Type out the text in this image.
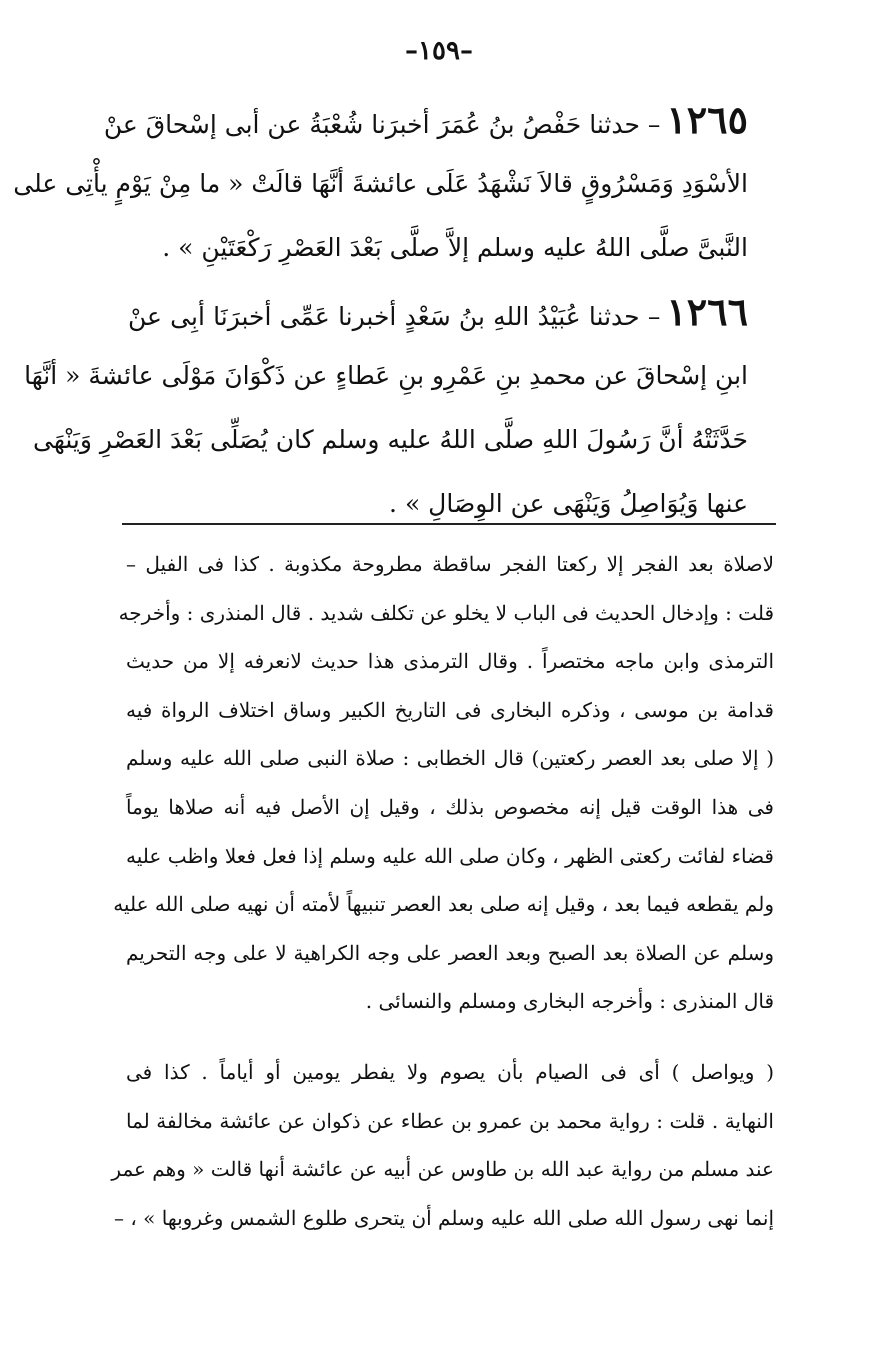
–١٥٩–
١٢٦٥– حدثنا حَفْصُ بنُ عُمَرَ أخبرَنا شُعْبَةُ عن أبى إسْحاقَ عنْ
الأسْوَدِ وَمَسْرُوقٍ قالاَ نَشْهَدُ عَلَى عائشةَ أنَّهَا قالَتْ « ما مِنْ يَوْمٍ يأْتِى على
النَّبىَّ صلَّى اللهُ عليه وسلم إلاَّ صلَّى بَعْدَ العَصْرِ رَكْعَتَيْنِ » .
١٢٦٦– حدثنا عُبَيْدُ اللهِ بنُ سَعْدٍ أخبرنا عَمِّى أخبرَنَا أبِى عنْ
ابنِ إسْحاقَ عن محمدِ بنِ عَمْرِو بنِ عَطاءٍ عن ذَكْوَانَ مَوْلَى عائشةَ « أنَّهَا
حَدَّثَتْهُ أنَّ رَسُولَ اللهِ صلَّى اللهُ عليه وسلم كان يُصَلِّى بَعْدَ العَصْرِ وَيَنْهَى
عنها وَيُوَاصِلُ وَيَنْهَى عن الوِصَالِ » .
لاصلاة بعد الفجر إلا ركعتا الفجر ساقطة مطروحة مكذوبة . كذا فى الفيل –
قلت : وإدخال الحديث فى الباب لا يخلو عن تكلف شديد . قال المنذرى : وأخرجه
الترمذى وابن ماجه مختصراً . وقال الترمذى هذا حديث لانعرفه إلا من حديث
قدامة بن موسى ، وذكره البخارى فى التاريخ الكبير وساق اختلاف الرواة فيه
( إلا صلى بعد العصر ركعتين) قال الخطابى : صلاة النبى صلى الله عليه وسلم
فى هذا الوقت قيل إنه مخصوص بذلك ، وقيل إن الأصل فيه أنه صلاها يوماً
قضاء لفائت ركعتى الظهر ، وكان صلى الله عليه وسلم إذا فعل فعلا واظب عليه
ولم يقطعه فيما بعد ، وقيل إنه صلى بعد العصر تنبيهاً لأمته أن نهيه صلى الله عليه
وسلم عن الصلاة بعد الصبح وبعد العصر على وجه الكراهية لا على وجه التحريم
قال المنذرى : وأخرجه البخارى ومسلم والنسائى .
( ويواصل ) أى فى الصيام بأن يصوم ولا يفطر يومين أو أياماً . كذا فى
النهاية . قلت : رواية محمد بن عمرو بن عطاء عن ذكوان عن عائشة مخالفة لما
عند مسلم من رواية عبد الله بن طاوس عن أبيه عن عائشة أنها قالت « وهم عمر
إنما نهى رسول الله صلى الله عليه وسلم أن يتحرى طلوع الشمس وغروبها » ، –
